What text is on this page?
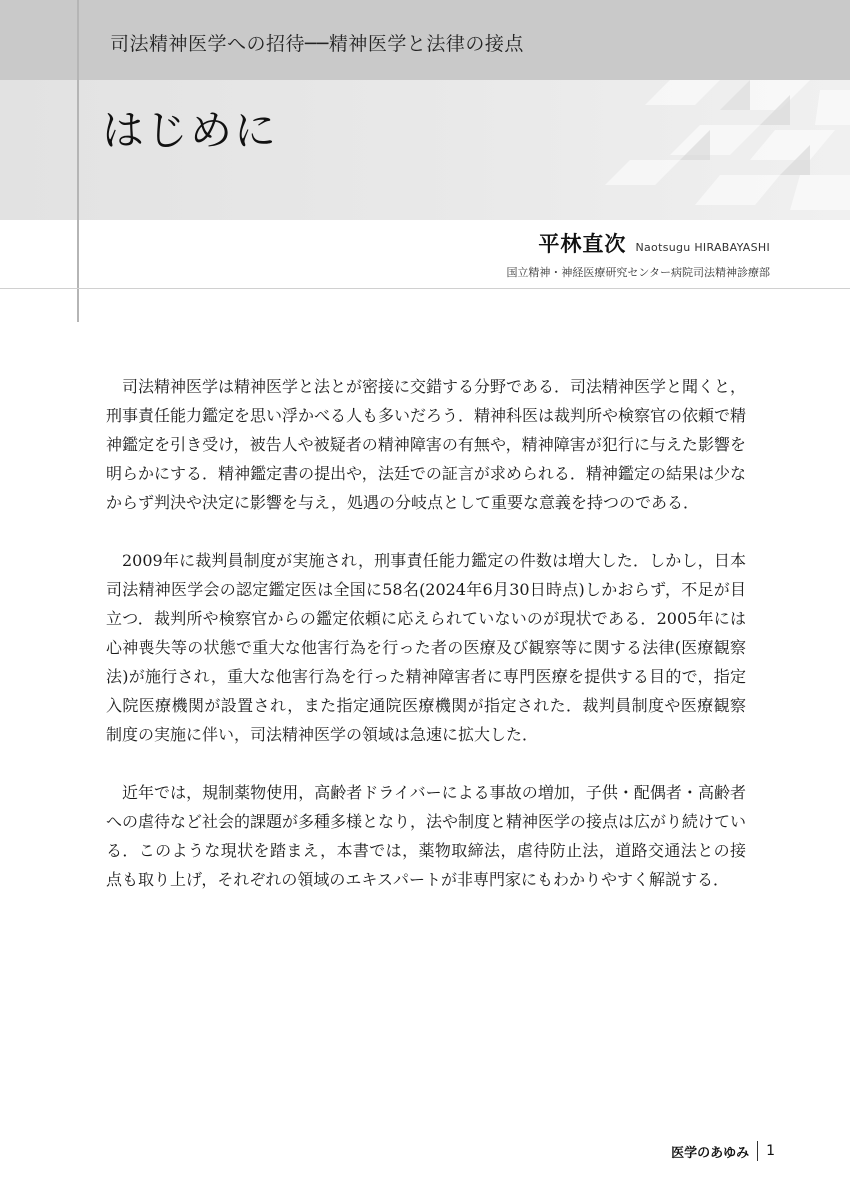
司法精神医学への招待──精神医学と法律の接点
はじめに
平林直次 Naotsugu HIRABAYASHI
国立精神・神経医療研究センター病院司法精神診療部

司法精神医学は精神医学と法とが密接に交錯する分野である．司法精神医学と聞くと，刑事責任能力鑑定を思い浮かべる人も多いだろう．精神科医は裁判所や検察官の依頼で精神鑑定を引き受け，被告人や被疑者の精神障害の有無や，精神障害が犯行に与えた影響を明らかにする．精神鑑定書の提出や，法廷での証言が求められる．精神鑑定の結果は少なからず判決や決定に影響を与え，処遇の分岐点として重要な意義を持つのである．

2009年に裁判員制度が実施され，刑事責任能力鑑定の件数は増大した．しかし，日本司法精神医学会の認定鑑定医は全国に58名(2024年6月30日時点)しかおらず，不足が目立つ．裁判所や検察官からの鑑定依頼に応えられていないのが現状である．2005年には心神喪失等の状態で重大な他害行為を行った者の医療及び観察等に関する法律(医療観察法)が施行され，重大な他害行為を行った精神障害者に専門医療を提供する目的で，指定入院医療機関が設置され，また指定通院医療機関が指定された．裁判員制度や医療観察制度の実施に伴い，司法精神医学の領域は急速に拡大した．

近年では，規制薬物使用，高齢者ドライバーによる事故の増加，子供・配偶者・高齢者への虐待など社会的課題が多種多様となり，法や制度と精神医学の接点は広がり続けている．このような現状を踏まえ，本書では，薬物取締法，虐待防止法，道路交通法との接点も取り上げ，それぞれの領域のエキスパートが非専門家にもわかりやすく解説する．

医学のあゆみ 1
